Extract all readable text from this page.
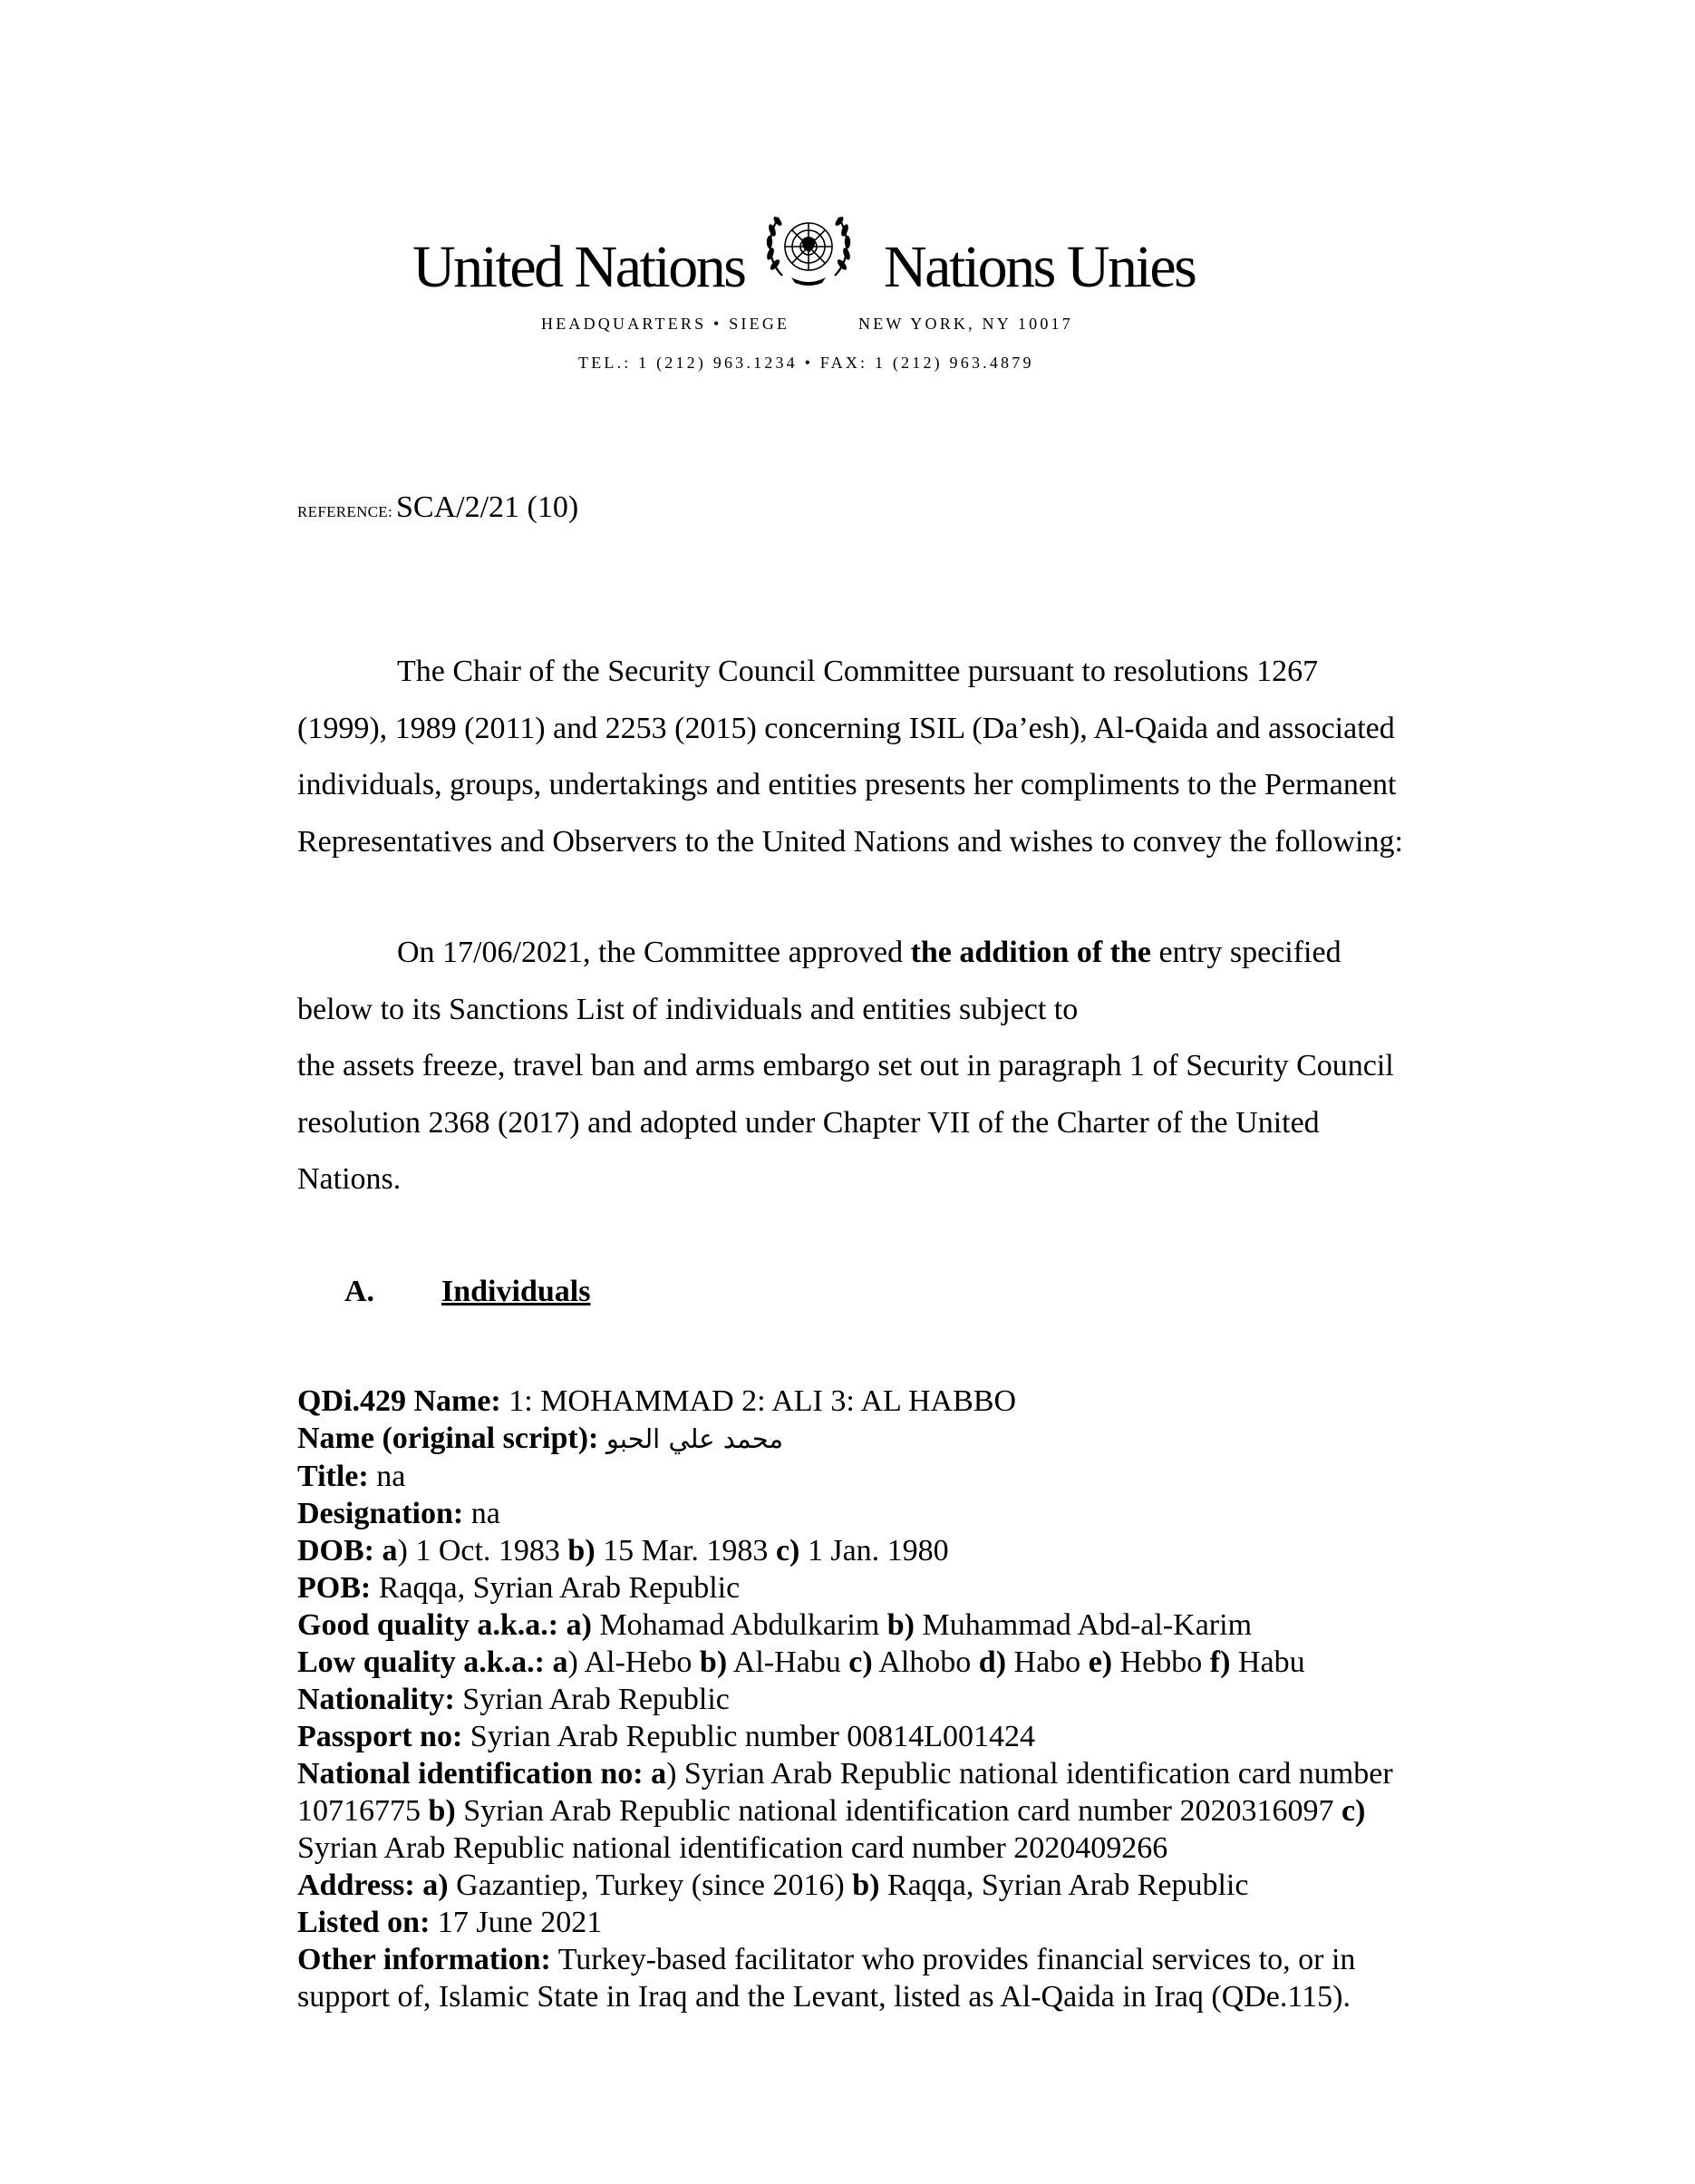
United Nations Nations Unies
HEADQUARTERS • SIEGE	NEW YORK, NY 10017
TEL.: 1 (212) 963.1234 • FAX: 1 (212) 963.4879
REFERENCE: SCA/2/21 (10)
The Chair of the Security Council Committee pursuant to resolutions 1267
(1999), 1989 (2011) and 2253 (2015) concerning ISIL (Da’esh), Al-Qaida and associated
individuals, groups, undertakings and entities presents her compliments to the Permanent
Representatives and Observers to the United Nations and wishes to convey the following:
On 17/06/2021, the Committee approved the addition of the entry specified
below to its Sanctions List of individuals and entities subject to
the assets freeze, travel ban and arms embargo set out in paragraph 1 of Security Council
resolution 2368 (2017) and adopted under Chapter VII of the Charter of the United
Nations.
A. Individuals
QDi.429 Name: 1: MOHAMMAD 2: ALI 3: AL HABBO
Name (original script): محمد علي الحبو
Title: na
Designation: na
DOB: a) 1 Oct. 1983 b) 15 Mar. 1983 c) 1 Jan. 1980
POB: Raqqa, Syrian Arab Republic
Good quality a.k.a.: a) Mohamad Abdulkarim b) Muhammad Abd-al-Karim
Low quality a.k.a.: a) Al-Hebo b) Al-Habu c) Alhobo d) Habo e) Hebbo f) Habu
Nationality: Syrian Arab Republic
Passport no: Syrian Arab Republic number 00814L001424
National identification no: a) Syrian Arab Republic national identification card number
10716775 b) Syrian Arab Republic national identification card number 2020316097 c)
Syrian Arab Republic national identification card number 2020409266
Address: a) Gazantiep, Turkey (since 2016) b) Raqqa, Syrian Arab Republic
Listed on: 17 June 2021
Other information: Turkey-based facilitator who provides financial services to, or in
support of, Islamic State in Iraq and the Levant, listed as Al-Qaida in Iraq (QDe.115).
